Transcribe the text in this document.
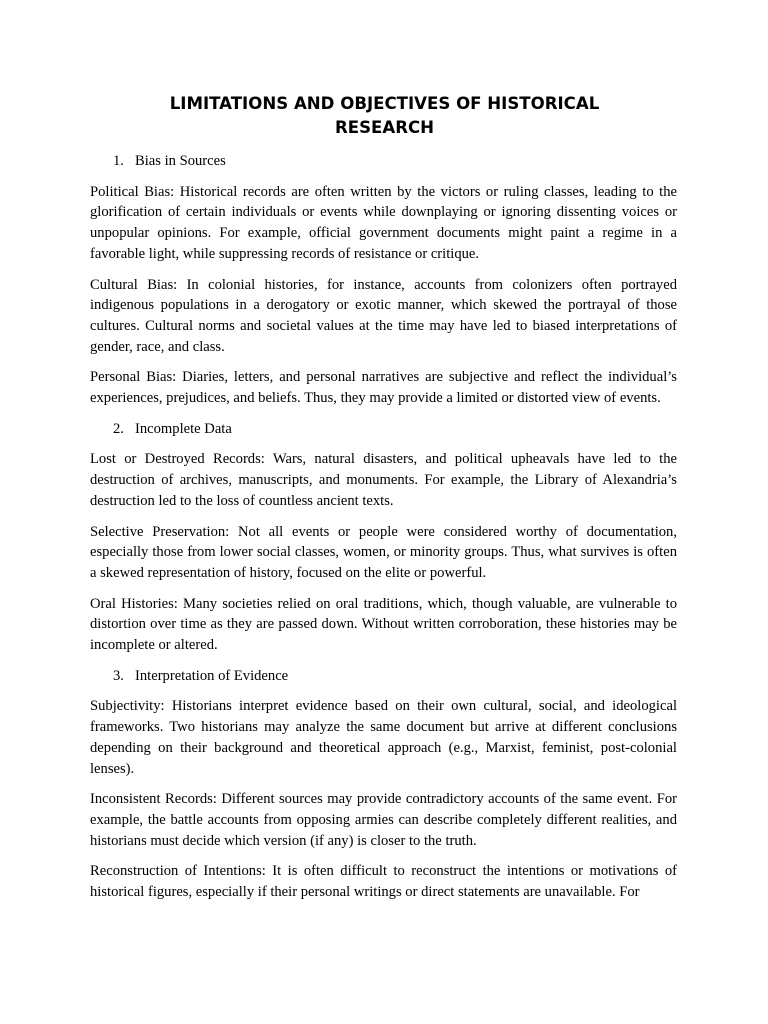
LIMITATIONS AND OBJECTIVES OF HISTORICAL RESEARCH
1. Bias in Sources

Political Bias: Historical records are often written by the victors or ruling classes, leading to the glorification of certain individuals or events while downplaying or ignoring dissenting voices or unpopular opinions. For example, official government documents might paint a regime in a favorable light, while suppressing records of resistance or critique.

Cultural Bias: In colonial histories, for instance, accounts from colonizers often portrayed indigenous populations in a derogatory or exotic manner, which skewed the portrayal of those cultures. Cultural norms and societal values at the time may have led to biased interpretations of gender, race, and class.

Personal Bias: Diaries, letters, and personal narratives are subjective and reflect the individual’s experiences, prejudices, and beliefs. Thus, they may provide a limited or distorted view of events.

2. Incomplete Data

Lost or Destroyed Records: Wars, natural disasters, and political upheavals have led to the destruction of archives, manuscripts, and monuments. For example, the Library of Alexandria’s destruction led to the loss of countless ancient texts.

Selective Preservation: Not all events or people were considered worthy of documentation, especially those from lower social classes, women, or minority groups. Thus, what survives is often a skewed representation of history, focused on the elite or powerful.

Oral Histories: Many societies relied on oral traditions, which, though valuable, are vulnerable to distortion over time as they are passed down. Without written corroboration, these histories may be incomplete or altered.

3. Interpretation of Evidence

Subjectivity: Historians interpret evidence based on their own cultural, social, and ideological frameworks. Two historians may analyze the same document but arrive at different conclusions depending on their background and theoretical approach (e.g., Marxist, feminist, post-colonial lenses).

Inconsistent Records: Different sources may provide contradictory accounts of the same event. For example, the battle accounts from opposing armies can describe completely different realities, and historians must decide which version (if any) is closer to the truth.

Reconstruction of Intentions: It is often difficult to reconstruct the intentions or motivations of historical figures, especially if their personal writings or direct statements are unavailable. For
